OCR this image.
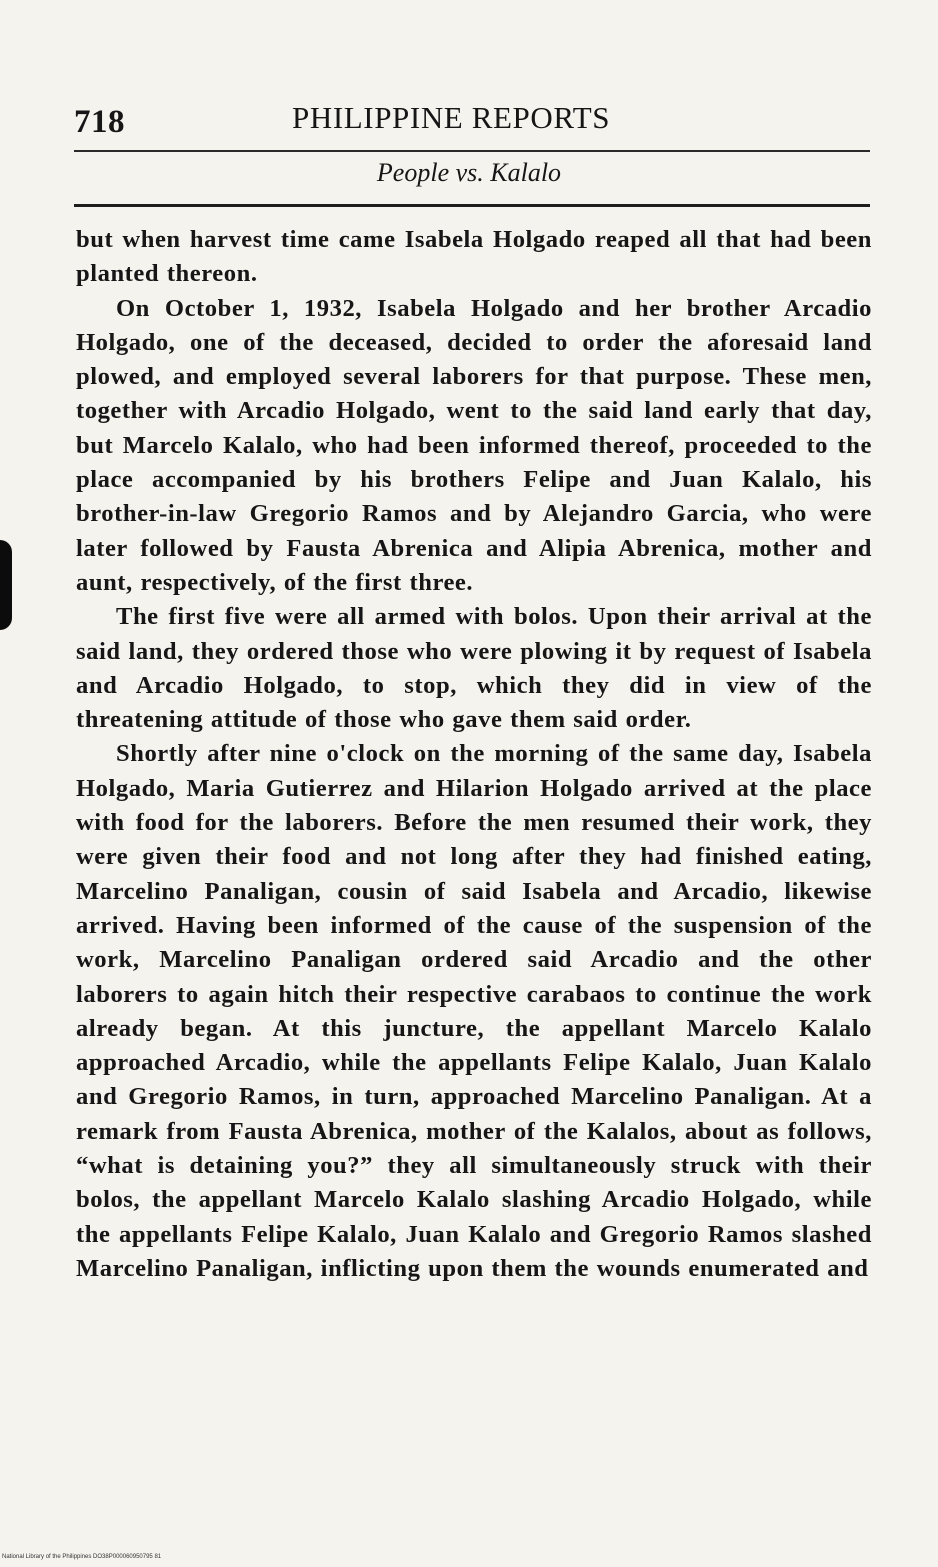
718	PHILIPPINE REPORTS
People vs. Kalalo

but when harvest time came Isabela Holgado reaped all that had been planted thereon.

On October 1, 1932, Isabela Holgado and her brother Arcadio Holgado, one of the deceased, decided to order the aforesaid land plowed, and employed several laborers for that purpose. These men, together with Arcadio Holgado, went to the said land early that day, but Marcelo Kalalo, who had been informed thereof, proceeded to the place accompanied by his brothers Felipe and Juan Kalalo, his brother-in-law Gregorio Ramos and by Alejandro Garcia, who were later followed by Fausta Abrenica and Alipia Abrenica, mother and aunt, respectively, of the first three.

The first five were all armed with bolos. Upon their arrival at the said land, they ordered those who were plowing it by request of Isabela and Arcadio Holgado, to stop, which they did in view of the threatening attitude of those who gave them said order.

Shortly after nine o'clock on the morning of the same day, Isabela Holgado, Maria Gutierrez and Hilarion Holgado arrived at the place with food for the laborers. Before the men resumed their work, they were given their food and not long after they had finished eating, Marcelino Panaligan, cousin of said Isabela and Arcadio, likewise arrived. Having been informed of the cause of the suspension of the work, Marcelino Panaligan ordered said Arcadio and the other laborers to again hitch their respective carabaos to continue the work already began. At this juncture, the appellant Marcelo Kalalo approached Arcadio, while the appellants Felipe Kalalo, Juan Kalalo and Gregorio Ramos, in turn, approached Marcelino Panaligan. At a remark from Fausta Abrenica, mother of the Kalalos, about as follows, “what is detaining you?” they all simultaneously struck with their bolos, the appellant Marcelo Kalalo slashing Arcadio Holgado, while the appellants Felipe Kalalo, Juan Kalalo and Gregorio Ramos slashed Marcelino Panaligan, inflicting upon them the wounds enumerated and

National Library of the Philippines DO38P000060950795 81
